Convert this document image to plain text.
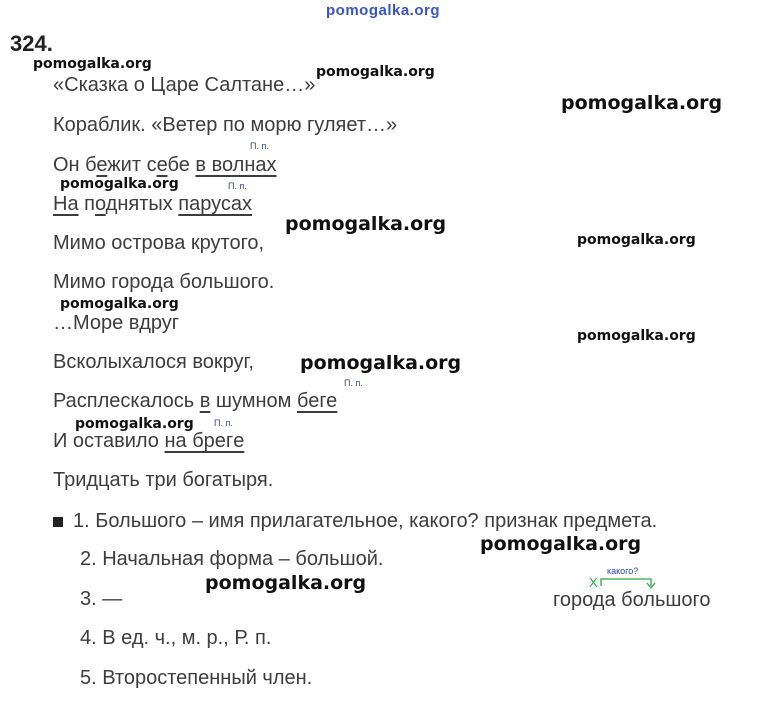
pomogalka.org
324.
«Сказка о Царе Салтане…»
Кораблик. «Ветер по морю гуляет…»
П. п.
Он бежит себе в волнах
П. п.
На поднятых парусах
Мимо острова крутого,
Мимо города большого.
…Море вдруг
Всколыхалося вокруг,
П. п.
Расплескалось в шумном беге
П. п.
И оставило на брегe
Тридцать три богатыря.
1. Большого – имя прилагательное, какого? признак предмета.
2. Начальная форма – большой.
3. —
4. В ед. ч., м. р., Р. п.
5. Второстепенный член.
какого?
X
города большого
pomogalka.org	pomogalka.org
pomogalka.org
pomogalka.org
pomogalka.org
pomogalka.org
pomogalka.org
pomogalka.org
pomogalka.org
pomogalka.org
pomogalka.org
pomogalka.org
